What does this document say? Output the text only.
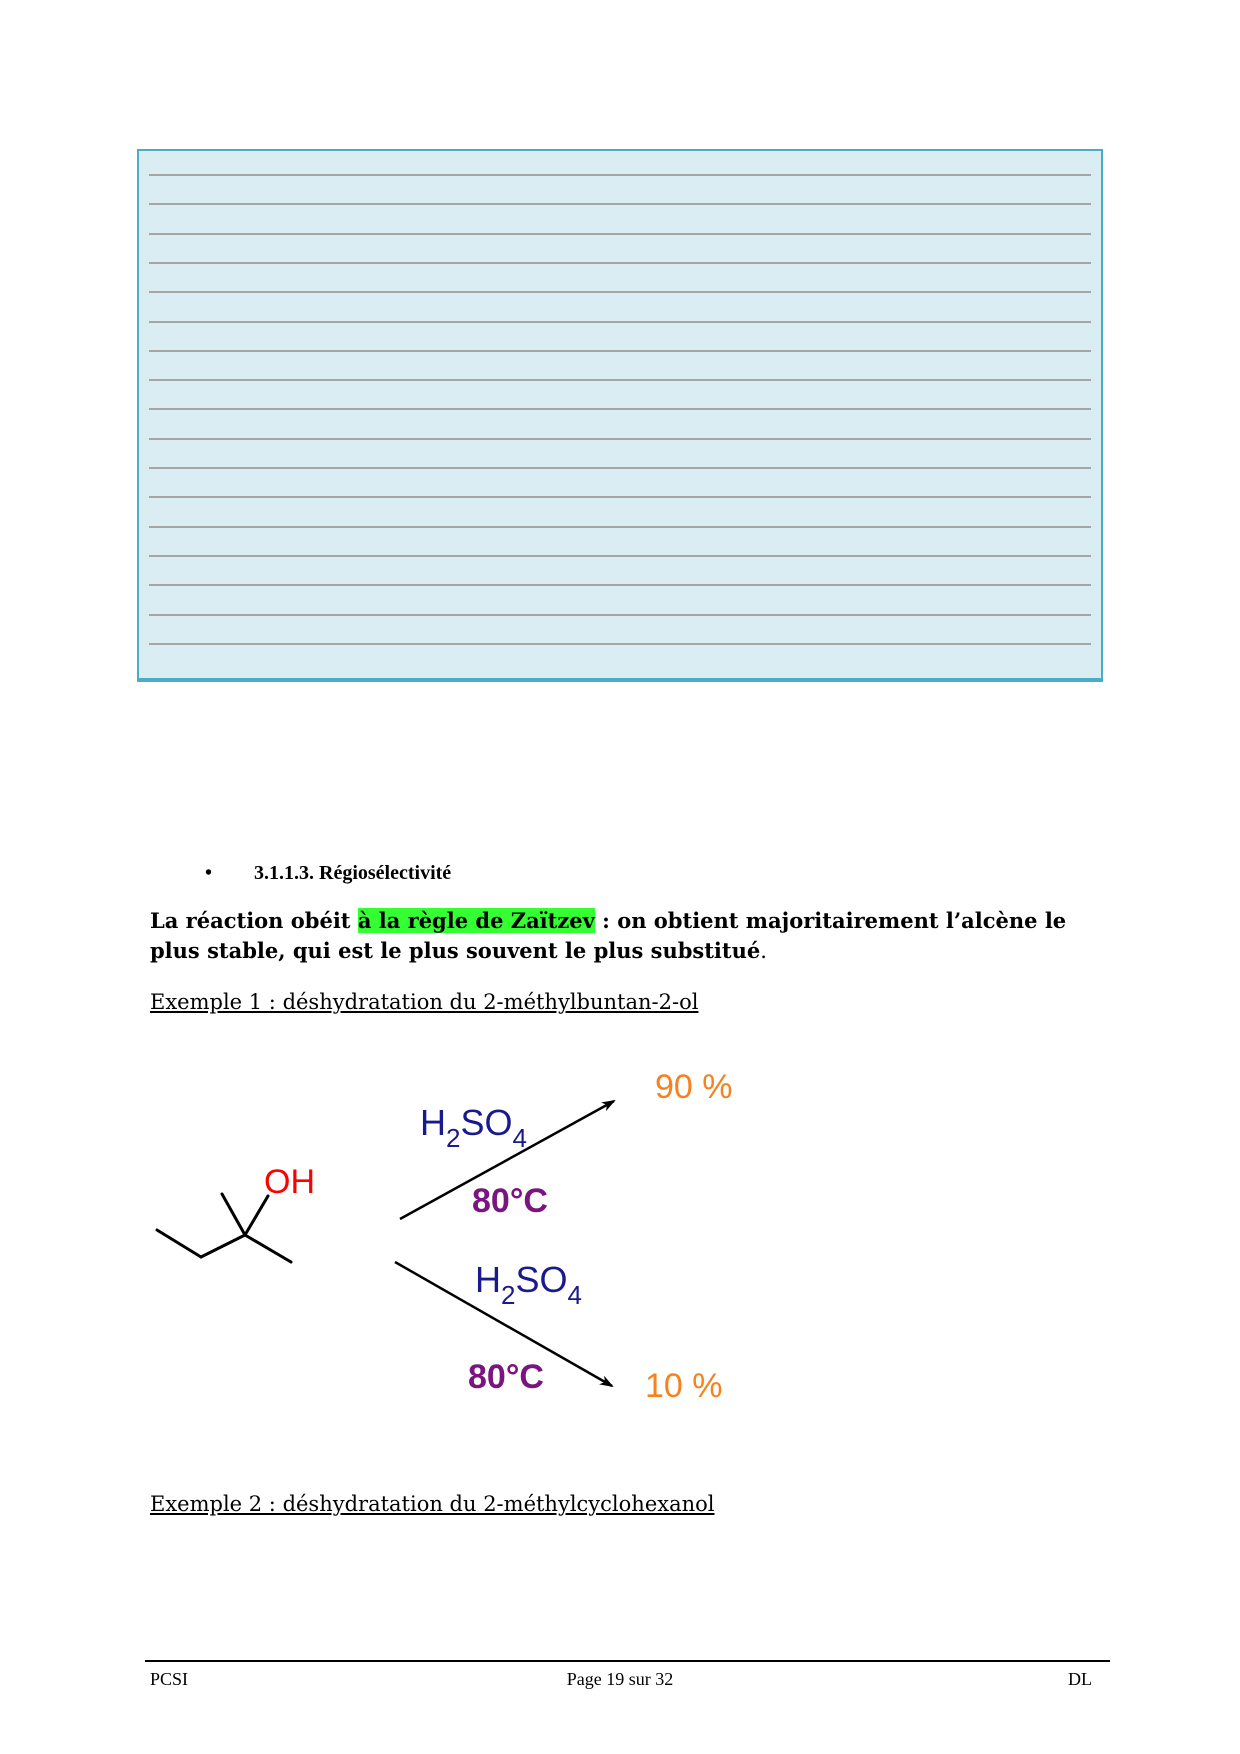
• 3.1.1.3. Régiosélectivité
La réaction obéit à la règle de Zaïtzev : on obtient majoritairement l’alcène le plus stable, qui est le plus souvent le plus substitué.
Exemple 1 : déshydratation du 2-méthylbuntan-2-ol
OH
$H_2SO_4$
80°C
90 %
$H_2SO_4$
80°C	10 %
Exemple 2 : déshydratation du 2-méthylcyclohexanol
PCSI	Page 19 sur 32	DL
